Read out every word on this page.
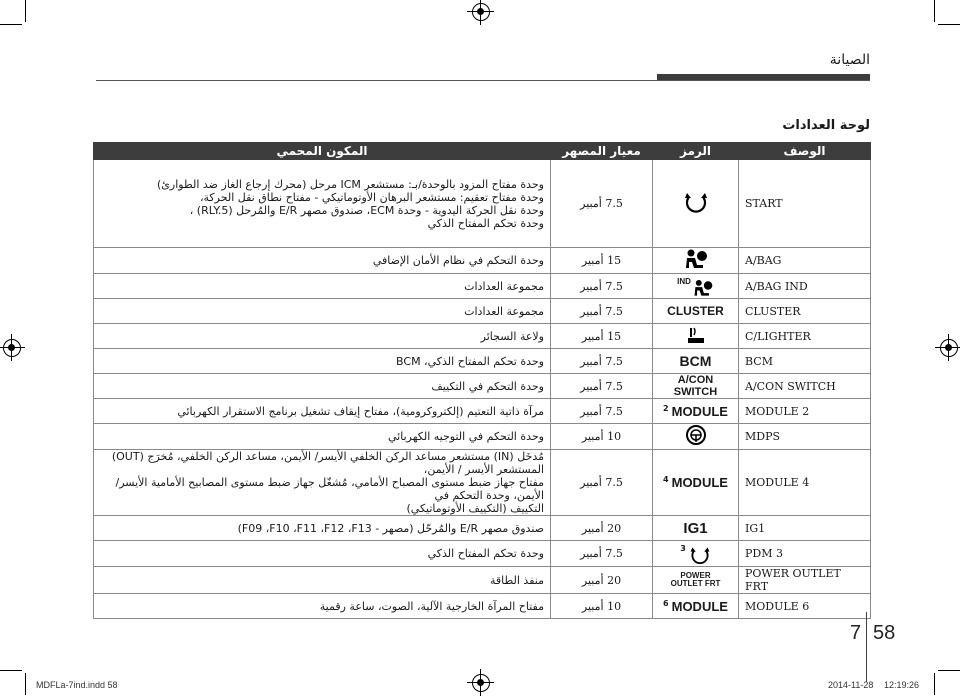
الصيانة
لوحة العدادات
المكون المحمي	معيار المصهر	الرمز	الوصف

وحدة مفتاح المزود بالوحدة/بـ: مستشعر ICM مرحل (محرك إرجاع الغاز ضد الطوارئ)
وحدة مفتاح تعقيم: مستشعر البرهان الأوتوماتيكي - مفتاح نطاق نقل الحركة،
وحدة نقل الحركة اليدوية - وحدة ECM، صندوق مصهر E/R والمُرحل (RLY.5) ،
وحدة تحكم المفتاح الذكي	7.5 أمبير		START

وحدة التحكم في نظام الأمان الإضافي	15 أمبير		A/BAG

مجموعة العدادات	7.5 أمبير	IND	A/BAG IND

مجموعة العدادات	7.5 أمبير	CLUSTER	CLUSTER

ولاعة السجائر	15 أمبير		C/LIGHTER

وحدة تحكم المفتاح الذكي، BCM	7.5 أمبير	BCM	BCM

وحدة التحكم في التكييف	7.5 أمبير	A/CON SWITCH	A/CON SWITCH

مرآة ذاتية التعتيم (إلكتروكرومية)، مفتاح إيقاف تشغيل برنامج الاستقرار الكهربائي	7.5 أمبير	$^2$ MODULE	MODULE 2

وحدة التحكم في التوجيه الكهربائي	10 أمبير		MDPS

مُدخَل (IN) مستشعر مساعد الركن الخلفي الأيسر/ الأيمن، مساعد الركن الخلفي، مُخرَج (OUT) المستشعر الأيسر / الأيمن،
مفتاح جهاز ضبط مستوى المصباح الأمامي، مُشغّل جهاز ضبط مستوى المصابيح الأمامية الأيسر/ الأيمن، وحدة التحكم في
التكييف (التكييف الأوتوماتيكي)	7.5 أمبير	$^4$ MODULE	MODULE 4

صندوق مصهر E/R والمُرحّل (مصهر - F09 ،F10 ،F11 ،F12 ،F13)	20 أمبير	IG1	IG1

وحدة تحكم المفتاح الذكي	7.5 أمبير	3	PDM 3

منفذ الطاقة	20 أمبير	POWER OUTLET FRT	POWER OUTLET FRT

مفتاح المرآة الخارجية الآلية، الصوت، ساعة رقمية	10 أمبير	$^6$ MODULE	MODULE 6
7 58
MDFLa-7ind.indd 58	2014-11-28 12:19:26
